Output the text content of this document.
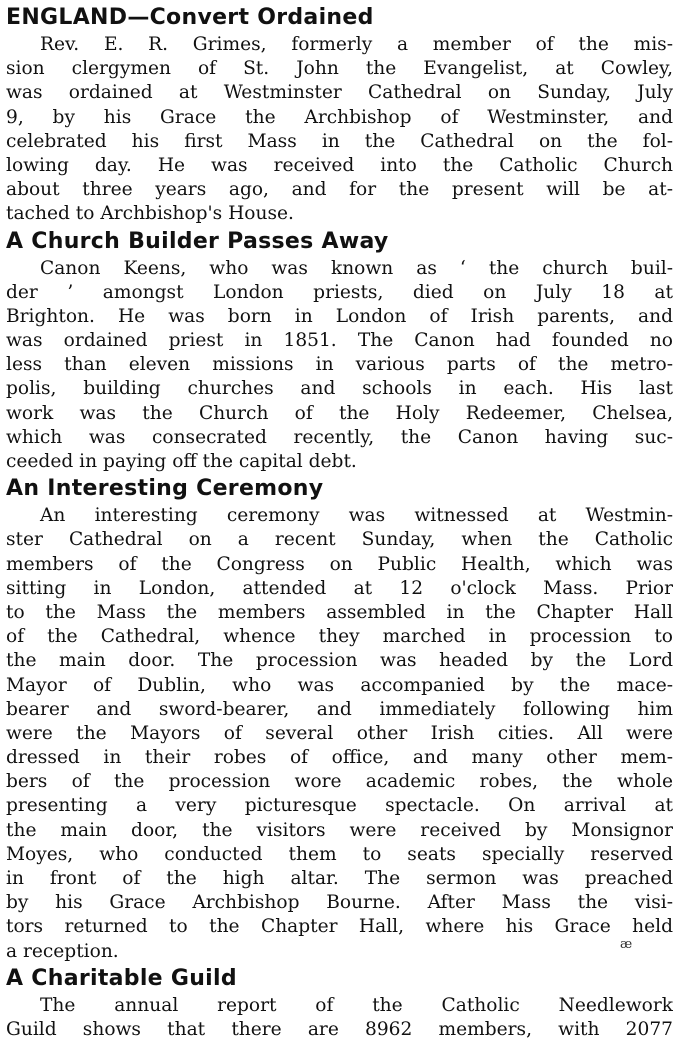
ENGLAND—Convert Ordained
Rev. E. R. Grimes, formerly a member of the mis-
sion clergymen of St. John the Evangelist, at Cowley,
was ordained at Westminster Cathedral on Sunday, July
9, by his Grace the Archbishop of Westminster, and
celebrated his first Mass in the Cathedral on the fol-
lowing day. He was received into the Catholic Church
about three years ago, and for the present will be at-
tached to Archbishop's House.
A Church Builder Passes Away
Canon Keens, who was known as ‘ the church buil-
der ’ amongst London priests, died on July 18 at
Brighton. He was born in London of Irish parents, and
was ordained priest in 1851. The Canon had founded no
less than eleven missions in various parts of the metro-
polis, building churches and schools in each. His last
work was the Church of the Holy Redeemer, Chelsea,
which was consecrated recently, the Canon having suc-
ceeded in paying off the capital debt.
An Interesting Ceremony
An interesting ceremony was witnessed at Westmin-
ster Cathedral on a recent Sunday, when the Catholic
members of the Congress on Public Health, which was
sitting in London, attended at 12 o'clock Mass. Prior
to the Mass the members assembled in the Chapter Hall
of the Cathedral, whence they marched in procession to
the main door. The procession was headed by the Lord
Mayor of Dublin, who was accompanied by the mace-
bearer and sword-bearer, and immediately following him
were the Mayors of several other Irish cities. All were
dressed in their robes of office, and many other mem-
bers of the procession wore academic robes, the whole
presenting a very picturesque spectacle. On arrival at
the main door, the visitors were received by Monsignor
Moyes, who conducted them to seats specially reserved
in front of the high altar. The sermon was preached
by his Grace Archbishop Bourne. After Mass the visi-
tors returned to the Chapter Hall, where his Grace held
a reception.
A Charitable Guild
The annual report of the Catholic Needlework
Guild shows that there are 8962 members, with 2077
æ
